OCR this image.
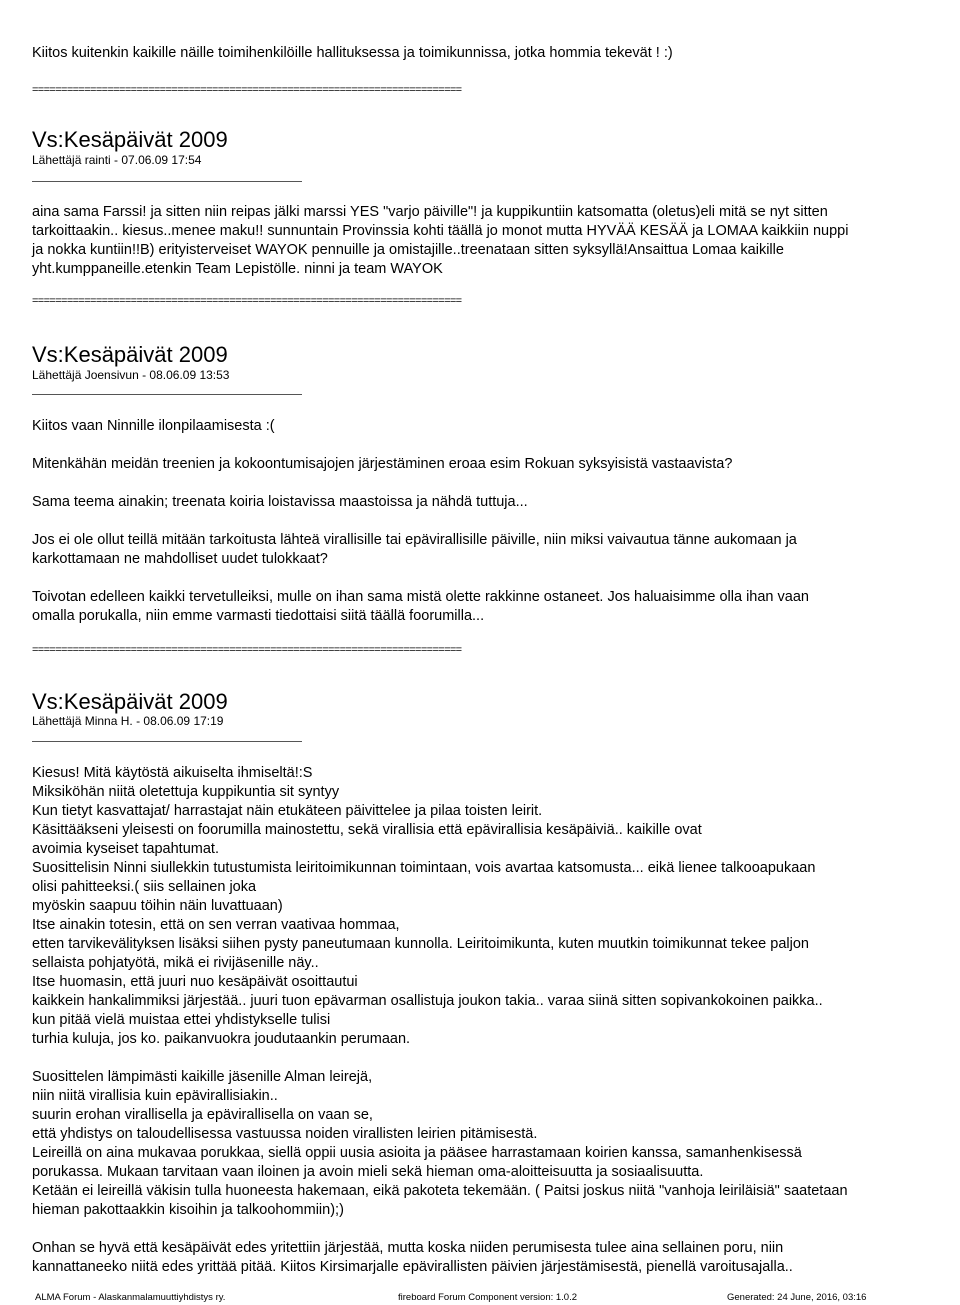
Kiitos kuitenkin kaikille näille toimihenkilöille hallituksessa ja toimikunnissa, jotka hommia tekevät ! :)
==========================================================================
Vs:Kesäpäivät 2009
Lähettäjä rainti - 07.06.09 17:54

aina sama Farssi! ja sitten niin reipas jälki marssi YES "varjo päiville"! ja kuppikuntiin katsomatta (oletus)eli mitä se nyt sitten

tarkoittaakin.. kiesus..menee maku!! sunnuntain Provinssia kohti täällä jo monot mutta HYVÄÄ KESÄÄ ja LOMAA kaikkiin nuppi

ja nokka kuntiin!!B) erityisterveiset WAYOK pennuille ja omistajille..treenataan sitten syksyllä!Ansaittua Lomaa kaikille

yht.kumppaneille.etenkin Team Lepistölle. ninni ja team WAYOK

==========================================================================
Vs:Kesäpäivät 2009
Lähettäjä Joensivun - 08.06.09 13:53

Kiitos vaan Ninnille ilonpilaamisesta :(

Mitenkähän meidän treenien ja kokoontumisajojen järjestäminen eroaa esim Rokuan syksyisistä vastaavista?

Sama teema ainakin; treenata koiria loistavissa maastoissa ja nähdä tuttuja...

Jos ei ole ollut teillä mitään tarkoitusta lähteä virallisille tai epävirallisille päiville, niin miksi vaivautua tänne aukomaan ja

karkottamaan ne mahdolliset uudet tulokkaat?

Toivotan edelleen kaikki tervetulleiksi, mulle on ihan sama mistä olette rakkinne ostaneet. Jos haluaisimme olla ihan vaan

omalla porukalla, niin emme varmasti tiedottaisi siitä täällä foorumilla...

==========================================================================
Vs:Kesäpäivät 2009
Lähettäjä Minna H. - 08.06.09 17:19

Kiesus! Mitä käytöstä aikuiselta ihmiseltä!:S

Miksiköhän niitä oletettuja kuppikuntia sit syntyy

Kun tietyt kasvattajat/ harrastajat näin etukäteen päivittelee ja pilaa toisten leirit.

Käsittääkseni yleisesti on foorumilla mainostettu, sekä virallisia että epävirallisia kesäpäiviä.. kaikille ovat

avoimia kyseiset tapahtumat.

Suosittelisin Ninni siullekkin tutustumista leiritoimikunnan toimintaan, vois avartaa katsomusta... eikä lienee talkooapukaan

olisi pahitteeksi.( siis sellainen joka

myöskin saapuu töihin näin luvattuaan)

Itse ainakin totesin, että on sen verran vaativaa hommaa,

etten tarvikevälityksen lisäksi siihen pysty paneutumaan kunnolla. Leiritoimikunta, kuten muutkin toimikunnat tekee paljon

sellaista pohjatyötä, mikä ei rivijäsenille näy..

Itse huomasin, että juuri nuo kesäpäivät osoittautui

kaikkein hankalimmiksi järjestää.. juuri tuon epävarman osallistuja joukon takia.. varaa siinä sitten sopivankokoinen paikka..

kun pitää vielä muistaa ettei yhdistykselle tulisi

turhia kuluja, jos ko. paikanvuokra joudutaankin perumaan.

Suosittelen lämpimästi kaikille jäsenille Alman leirejä,

niin niitä virallisia kuin epävirallisiakin..

suurin erohan virallisella ja epävirallisella on vaan se,

että yhdistys on taloudellisessa vastuussa noiden virallisten leirien pitämisestä.

Leireillä on aina mukavaa porukkaa, siellä oppii uusia asioita ja pääsee harrastamaan koirien kanssa, samanhenkisessä

porukassa. Mukaan tarvitaan vaan iloinen ja avoin mieli sekä hieman oma-aloitteisuutta ja sosiaalisuutta.

Ketään ei leireillä väkisin tulla huoneesta hakemaan, eikä pakoteta tekemään. ( Paitsi joskus niitä "vanhoja leiriläisiä" saatetaan

hieman pakottaakkin kisoihin ja talkoohommiin);)

Onhan se hyvä että kesäpäivät edes yritettiin järjestää, mutta koska niiden perumisesta tulee aina sellainen poru, niin

kannattaneeko niitä edes yrittää pitää. Kiitos Kirsimarjalle epävirallisten päivien järjestämisestä, pienellä varoitusajalla..

ALMA Forum - Alaskanmalamuuttiyhdistys ry.	fireboard Forum Component version: 1.0.2	Generated: 24 June, 2016, 03:16
